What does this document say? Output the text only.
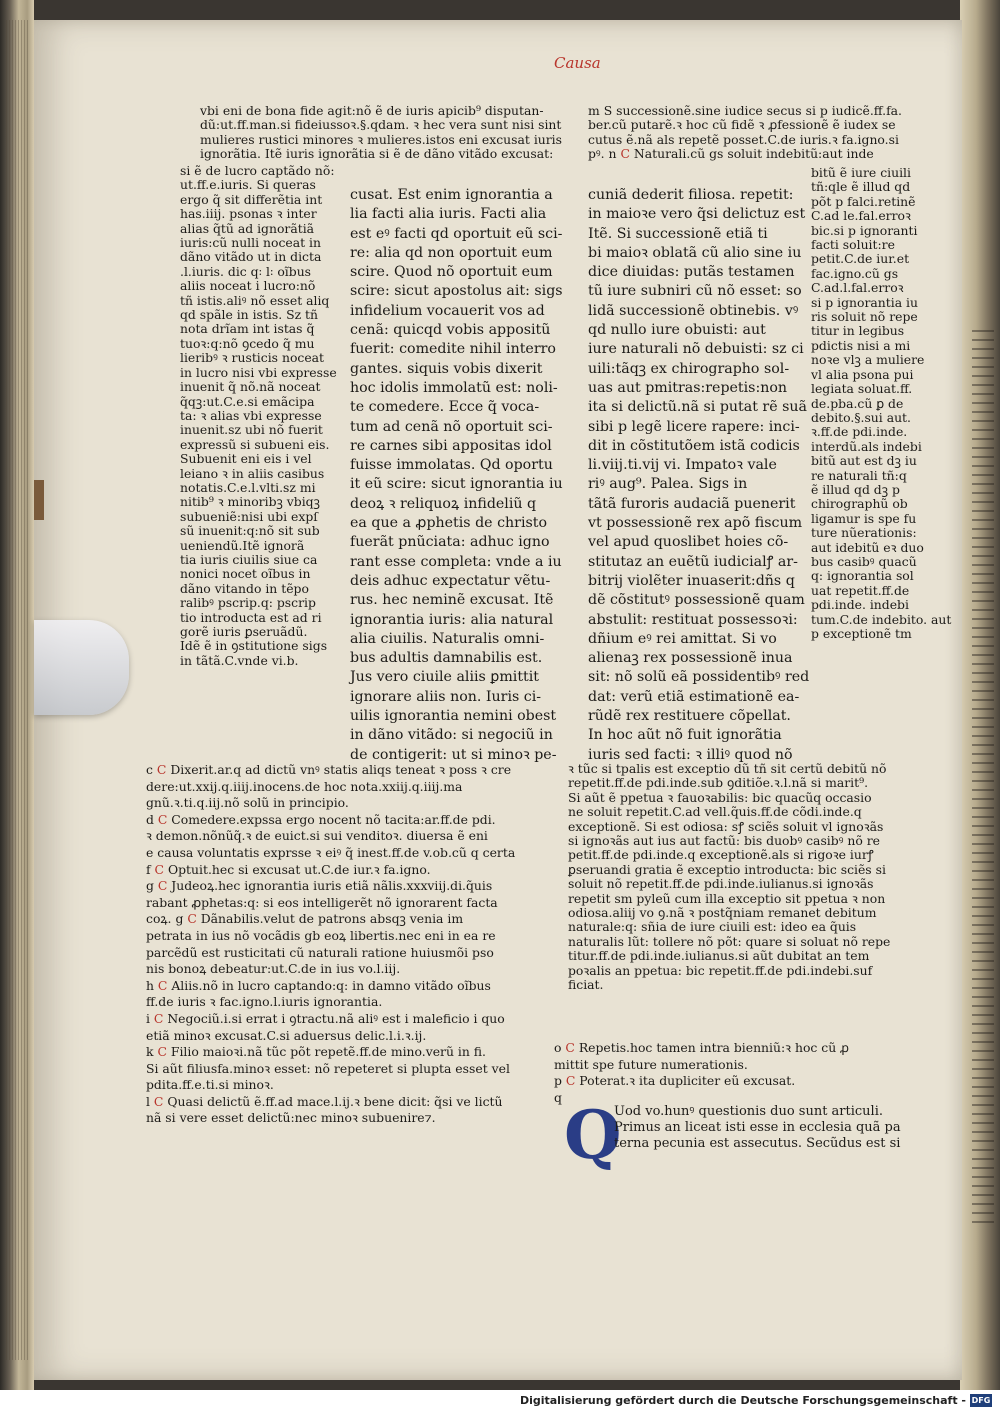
Causa
vbi eni de bona fide agit:nõ ẽ de iuris apicib⁹ disputan-
dũ:ut.ff.man.si fideiussoꝛ.§.qdam. ꝛ hec vera sunt nisi sint
mulieres rustici minores ꝛ mulieres.istos eni excusat iuris
ignorãtia. Itẽ iuris ignorãtia si ẽ de dãno vitãdo excusat:
si ẽ de lucro captãdo nõ:
ut.ff.e.iuris. Si queras
ergo q̃ sit differẽtia int
has.iiij. psonas ꝛ inter
alias q̃tũ ad ignorãtiã
iuris:cũ nulli noceat in
dãno vitãdo ut in dicta
.l.iuris. dic q꞉ l꞉ oĩbus
aliis noceat i lucro:nõ
tñ istis.aliꝰ nõ esset aliq
qd spãle in istis. Sz tñ
nota drĩam int istas q̃
tuoꝛ:q:nõ ꝯcedo q̃ mu
lieribꝰ ꝛ rusticis noceat
in lucro nisi vbi expresse
inuenit q̃ nõ.nã noceat
q̃qꝫ:ut.C.e.si emãcipa
ta: ꝛ alias vbi expresse
inuenit.sz ubi nõ fuerit
expressũ si subueni eis.
Subuenit eni eis i vel
leiano ꝛ in aliis casibus
notatis.C.e.l.vlti.sz mi
nitib⁹ ꝛ minoribꝫ vbiqꝫ
subueniẽ:nisi ubi expſ
sũ inuenit:q:nõ sit sub
ueniendũ.Itẽ ignorã
tia iuris ciuilis siue ca
nonici nocet oĩbus in
dãno vitando in tẽpo
ralibꝰ pscrip.q: pscrip
tio introducta est ad ri
gorẽ iuris ꝑseruãdũ.
Idẽ ẽ in ꝯstitutione sigs
in tãtã.C.vnde vi.b.
cusat. Est enim ignorantia a
lia facti alia iuris. Facti alia
est eꝰ facti qd oportuit eũ sci-
re: alia qd non oportuit eum
scire. Quod nõ oportuit eum
scire: sicut apostolus ait: sigs
infidelium vocauerit vos ad
cenã: quicqd vobis appositũ
fuerit: comedite nihil interro
gantes. siquis vobis dixerit
hoc idolis immolatũ est: noli-
te comedere. Ecce q̃ voca-
tum ad cenã nõ oportuit sci-
re carnes sibi appositas idol
fuisse immolatas. Qd oportu
it eũ scire: sicut ignorantia iu
deoꝝ ꝛ reliquoꝝ infideliũ q
ea que a ꝓphetis de christo
fuerãt pnũciata: adhuc igno
rant esse completa: vnde a iu
deis adhuc expectatur vẽtu-
rus. hec neminẽ excusat. Itẽ
ignorantia iuris: alia natural
alia ciuilis. Naturalis omni-
bus adultis damnabilis est.
Jus vero ciuile aliis ꝑmittit
ignorare aliis non. Iuris ci-
uilis ignorantia nemini obest
in dãno vitãdo: si negociũ in
de contigerit: ut si minoꝛ pe-
m S successionẽ.sine iudice secus si p iudicẽ.ff.fa.
ber.cũ putarẽ.ꝛ hoc cũ fidẽ ꝛ ꝓfessionẽ ẽ iudex se
cutus ẽ.nã als repetẽ posset.C.de iuris.ꝛ fa.igno.si
pꝰ. n C Naturali.cũ gs soluit indebitũ:aut inde
cuniã dederit filiosa. repetit:
in maioꝛe vero q̃si delictuz est
Itẽ. Si successionẽ etiã ti
bi maioꝛ oblatã cũ alio sine iu
dice diuidas: putãs testamen
tũ iure subniri cũ nõ esset: so
lidã successionẽ obtinebis. vꝰ
qd nullo iure obuisti: aut
iure naturali nõ debuisti: sz ci
uili:tãqꝫ ex chirographo sol-
uas aut pmitras:repetis:non
ita si delictũ.nã si putat rẽ suã
sibi p legẽ licere rapere: inci-
dit in cõstitutõem istã codicis
li.viij.ti.vij vi. Impatoꝛ vale
riꝰ aug⁹. Palea. Sigs in
tãtã furoris audaciã puenerit
vt possessionẽ rex apõ fiscum
vel apud quoslibet hoies cõ-
stitutaz an euẽtũ iudicialꝭ ar-
bitrij violẽter inuaserit:dñs q
dẽ cõstitutꝰ possessionẽ quam
abstulit: restituat possessoꝛi:
dñium eꝰ rei amittat. Si vo
alienaꝫ rex possessionẽ inua
sit: nõ solũ eã possidentibꝰ red
dat: verũ etiã estimationẽ ea-
rũdẽ rex restituere cõpellat.
In hoc aũt nõ fuit ignorãtia
iuris sed facti: ꝛ illiꝰ quod nõ
bitũ ẽ iure ciuili
tñ:qle ẽ illud qd
põt p falci.retinẽ
C.ad le.fal.erroꝛ
bic.si p ignoranti
facti soluit:re
petit.C.de iur.et
fac.igno.cũ gs
C.ad.l.fal.erroꝛ
si p ignorantia iu
ris soluit nõ repe
titur in legibus
pdictis nisi a mi
noꝛe vlꝫ a muliere
vl alia psona pui
legiata soluat.ff.
de.pba.cũ ꝑ de
debito.§.sui aut.
ꝛ.ff.de pdi.inde.
interdũ.als indebi
bitũ aut est dꝫ iu
re naturali tñ:q
ẽ illud qd dꝫ p
chirographũ ob
ligamur is spe fu
ture nũerationis:
aut idebitũ eꝛ duo
bus casibꝰ quacũ
q: ignorantia sol
uat repetit.ff.de
pdi.inde. indebi
tum.C.de indebito. aut
p exceptionẽ tm
c C Dixerit.ar.q ad dictũ vnꝰ statis aliqs teneat ꝛ poss ꝛ cre
dere:ut.xxij.q.iiij.inocens.de hoc nota.xxiij.q.iiij.ma
gnũ.ꝛ.ti.q.iij.nõ solũ in principio.
d C Comedere.expssa ergo nocent nõ tacita:ar.ff.de pdi.
ꝛ demon.nõnũq̃.ꝛ de euict.si sui venditoꝛ. diuersa ẽ eni
e causa voluntatis exprsse ꝛ eiꝰ q̃ inest.ff.de v.ob.cũ q certa
f C Optuit.hec si excusat ut.C.de iur.ꝛ fa.igno.
g C Judeoꝝ.hec ignorantia iuris etiã nãlis.xxxviij.di.q̃uis
rabant ꝓphetas:q: si eos intelligerẽt nõ ignorarent facta
coꝝ. g C Dãnabilis.velut de patrons absqꝫ venia im
petrata in ius nõ vocãdis gb eoꝝ libertis.nec eni in ea re
parcẽdũ est rusticitati cũ naturali ratione huiusmõi pso
nis bonoꝝ debeatur:ut.C.de in ius vo.l.iij.
h C Aliis.nõ in lucro captando:q: in damno vitãdo oĩbus
ff.de iuris ꝛ fac.igno.l.iuris ignorantia.
i C Negociũ.i.si errat i ꝯtractu.nã aliꝰ est i maleficio i quo
etiã minoꝛ excusat.C.si aduersus delic.l.i.ꝛ.ij.
k C Filio maioꝛi.nã tũc põt repetẽ.ff.de mino.verũ in fi.
Si aũt filiusfa.minoꝛ esset: nõ repeteret si plupta esset vel
pdita.ff.e.ti.si minoꝛ.
l C Quasi delictũ ẽ.ff.ad mace.l.ij.ꝛ bene dicit: q̃si ve lictũ
nã si vere esset delictũ:nec minoꝛ subuenire⁊.
ꝛ tũc si tpalis est exceptio dũ tñ sit certũ debitũ nõ
repetit.ff.de pdi.inde.sub ꝯditiõe.ꝛ.l.nã si marit⁹.
Si aũt ẽ ppetua ꝛ fauoꝛabilis: bic quacũq occasio
ne soluit repetit.C.ad vell.q̃uis.ff.de cõdi.inde.q
exceptionẽ. Si est odiosa: sꝭ sciẽs soluit vl ignoꝛãs
si ignoꝛãs aut ius aut factũ: bis duobꝰ casibꝰ nõ re
petit.ff.de pdi.inde.q exceptionẽ.als si rigoꝛe iurꝭ
ꝑseruandi gratia ẽ exceptio introducta: bic sciẽs si
soluit nõ repetit.ff.de pdi.inde.iulianus.si ignoꝛãs
repetit sm pyleũ cum illa exceptio sit ppetua ꝛ non
odiosa.aliij vo ꝯ.nã ꝛ postq̃niam remanet debitum
naturale:q: sñia de iure ciuili est: ideo ea q̃uis
naturalis lũt: tollere nõ põt: quare si soluat nõ repe
titur.ff.de pdi.inde.iulianus.si aũt dubitat an tem
poꝛalis an ppetua: bic repetit.ff.de pdi.indebi.suf
ficiat.
o C Repetis.hoc tamen intra bienniũ:ꝛ hoc cũ ꝓ
mittit spe future numerationis.
p C Poterat.ꝛ ita dupliciter eũ excusat.
q Q
Uod vo.hunꝰ questionis duo sunt articuli.
Primus an liceat isti esse in ecclesia quã pa
terna pecunia est assecutus. Secũdus est si
Digitalisierung gefördert durch die Deutsche Forschungsgemeinschaft - DFG
